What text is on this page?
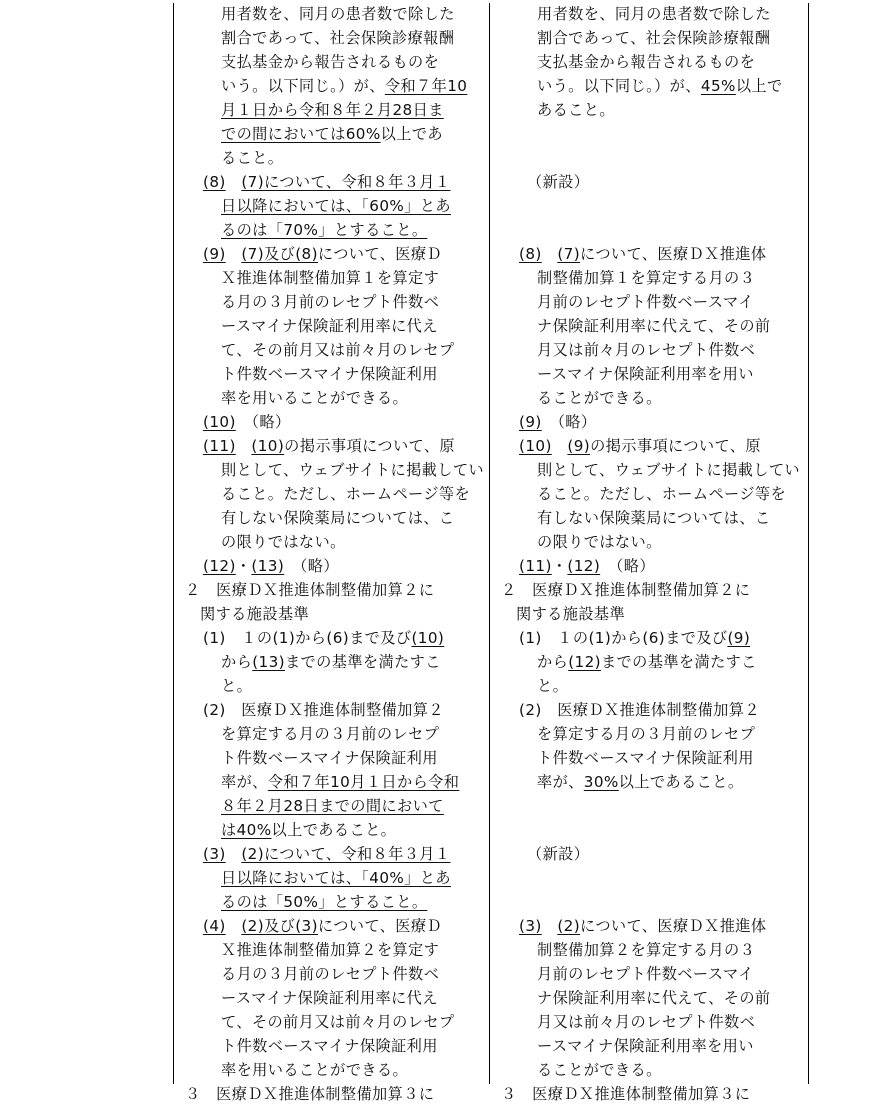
用者数を、同月の患者数で除した
割合であって、社会保険診療報酬
支払基金から報告されるものを
いう。以下同じ。）が、令和７年10
月１日から令和８年２月28日ま
での間においては60%以上であ
ること。
(8)　 (7)について、令和８年３月１
日以降においては、「60%」とあ
るのは「70%」とすること。
(9)　 (7)及び(8)について、医療Ｄ
Ｘ推進体制整備加算１を算定す
る月の３月前のレセプト件数ベ
ースマイナ保険証利用率に代え
て、その前月又は前々月のレセプ
ト件数ベースマイナ保険証利用
率を用いることができる。
(10)　（略）
(11)　 (10)の掲示事項について、原
則として、ウェブサイトに掲載してい
ること。ただし、ホームページ等を
有しない保険薬局については、こ
の限りではない。
(12)・(13)　（略）
２　医療ＤＸ推進体制整備加算２に
関する施設基準
(1)　１の(1)から(6)まで及び(10)
から(13)までの基準を満たすこ
と。
(2)　医療ＤＸ推進体制整備加算２
を算定する月の３月前のレセプ
ト件数ベースマイナ保険証利用
率が、令和７年10月１日から令和
８年２月28日までの間において
は40%以上であること。
(3)　 (2)について、令和８年３月１
日以降においては、「40%」とあ
るのは「50%」とすること。
(4)　 (2)及び(3)について、医療Ｄ
Ｘ推進体制整備加算２を算定す
る月の３月前のレセプト件数ベ
ースマイナ保険証利用率に代え
て、その前月又は前々月のレセプ
ト件数ベースマイナ保険証利用
率を用いることができる。
３　医療ＤＸ推進体制整備加算３に
用者数を、同月の患者数で除した
割合であって、社会保険診療報酬
支払基金から報告されるものを
いう。以下同じ。）が、45%以上で
あること。
（新設）
(8)　 (7)について、医療ＤＸ推進体
制整備加算１を算定する月の３
月前のレセプト件数ベースマイ
ナ保険証利用率に代えて、その前
月又は前々月のレセプト件数ベ
ースマイナ保険証利用率を用い
ることができる。
(9)　（略）
(10)　 (9)の掲示事項について、原
則として、ウェブサイトに掲載してい
ること。ただし、ホームページ等を
有しない保険薬局については、こ
の限りではない。
(11)・(12)　（略）
２　医療ＤＸ推進体制整備加算２に
関する施設基準
(1)　１の(1)から(6)まで及び(9)
から(12)までの基準を満たすこ
と。
(2)　医療ＤＸ推進体制整備加算２
を算定する月の３月前のレセプ
ト件数ベースマイナ保険証利用
率が、30%以上であること。
（新設）
(3)　 (2)について、医療ＤＸ推進体
制整備加算２を算定する月の３
月前のレセプト件数ベースマイ
ナ保険証利用率に代えて、その前
月又は前々月のレセプト件数ベ
ースマイナ保険証利用率を用い
ることができる。
３　医療ＤＸ推進体制整備加算３に
